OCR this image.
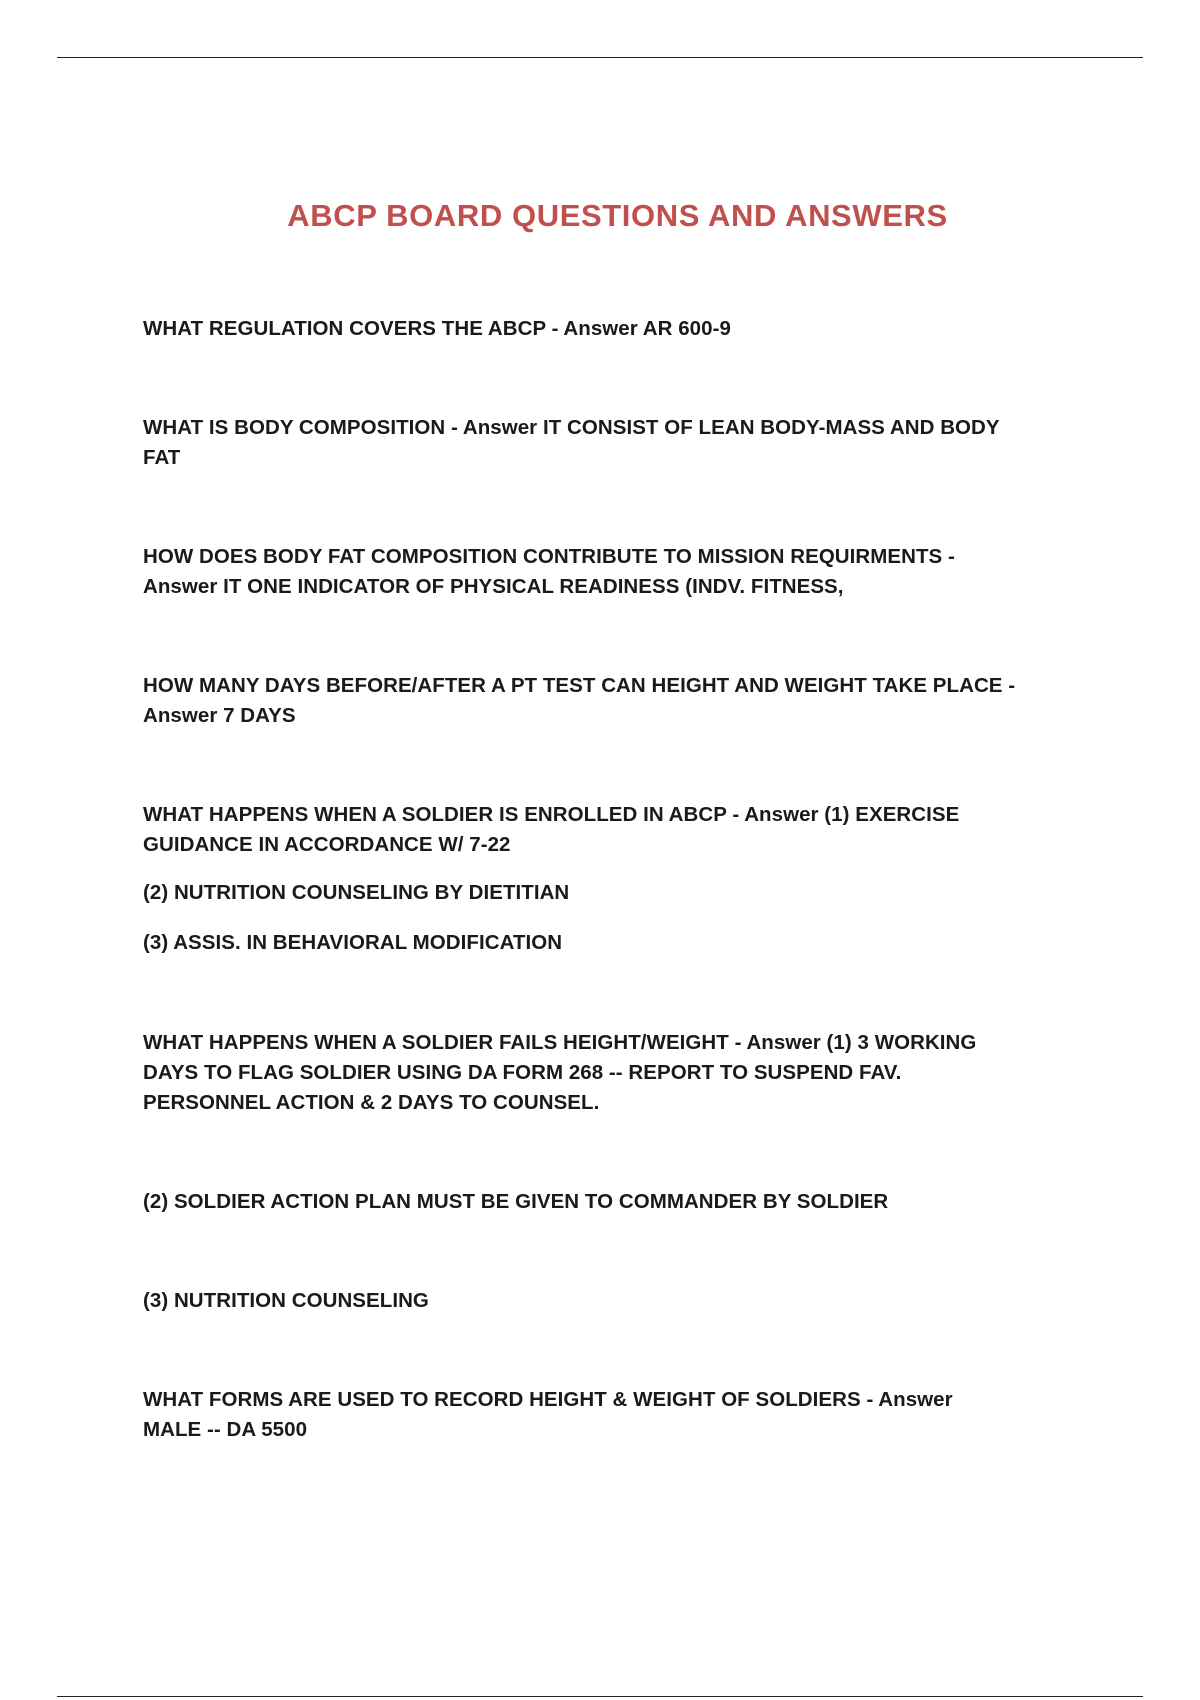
ABCP BOARD QUESTIONS AND ANSWERS
WHAT REGULATION COVERS THE ABCP - Answer AR 600-9
WHAT IS BODY COMPOSITION - Answer IT CONSIST OF LEAN BODY-MASS AND BODY
FAT
HOW DOES BODY FAT COMPOSITION CONTRIBUTE TO MISSION REQUIRMENTS -
Answer IT ONE INDICATOR OF PHYSICAL READINESS (INDV. FITNESS,
HOW MANY DAYS BEFORE/AFTER A PT TEST CAN HEIGHT AND WEIGHT TAKE PLACE -
Answer 7 DAYS
WHAT HAPPENS WHEN A SOLDIER IS ENROLLED IN ABCP - Answer (1) EXERCISE
GUIDANCE IN ACCORDANCE W/ 7-22
(2) NUTRITION COUNSELING BY DIETITIAN
(3) ASSIS. IN BEHAVIORAL MODIFICATION
WHAT HAPPENS WHEN A SOLDIER FAILS HEIGHT/WEIGHT - Answer (1) 3 WORKING
DAYS TO FLAG SOLDIER USING DA FORM 268 -- REPORT TO SUSPEND FAV.
PERSONNEL ACTION & 2 DAYS TO COUNSEL.
(2) SOLDIER ACTION PLAN MUST BE GIVEN TO COMMANDER BY SOLDIER
(3) NUTRITION COUNSELING
WHAT FORMS ARE USED TO RECORD HEIGHT & WEIGHT OF SOLDIERS - Answer
MALE -- DA 5500
